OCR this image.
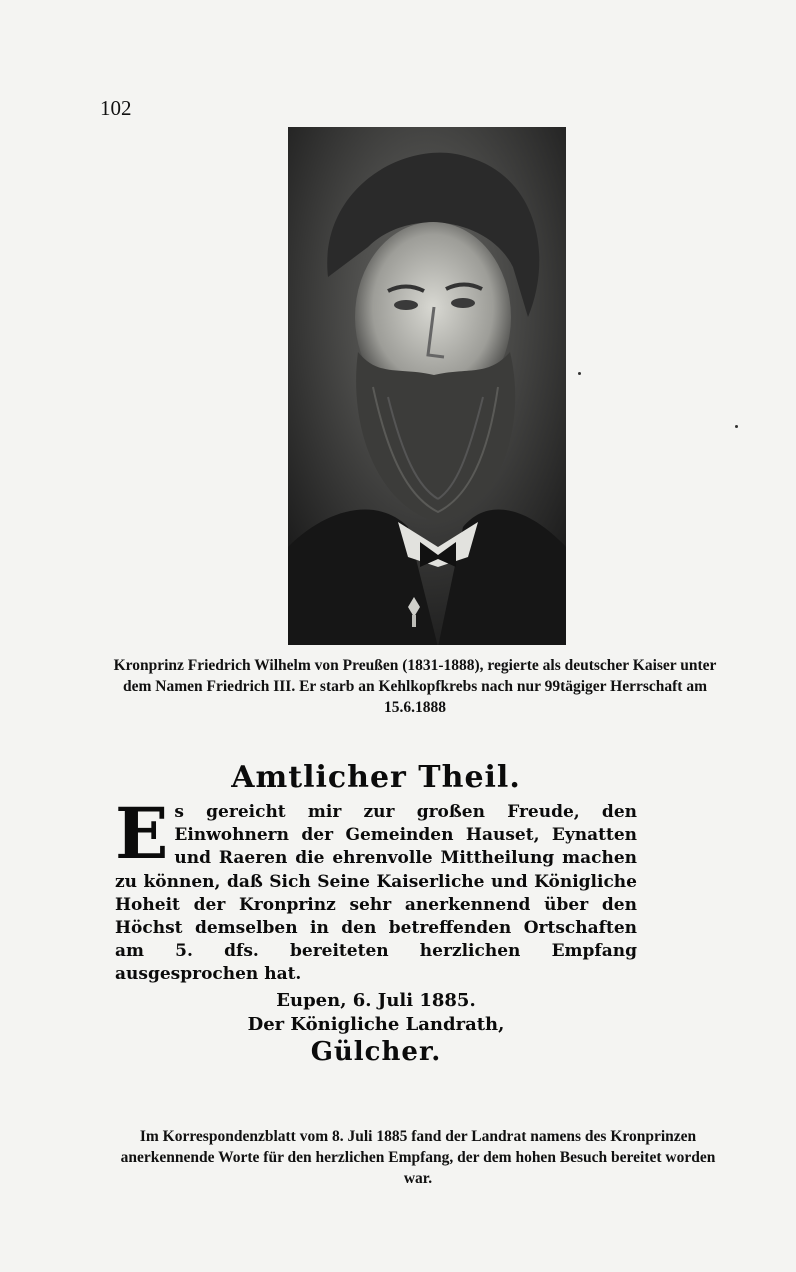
102
Kronprinz Friedrich Wilhelm von Preußen (1831-1888), regierte als deutscher Kaiser unter dem Namen Friedrich III. Er starb an Kehlkopfkrebs nach nur 99tägiger Herrschaft am 15.6.1888
Amtlicher Theil.
Es gereicht mir zur großen Freude, den Einwohnern der Gemeinden Hauset, Eynatten und Raeren die ehrenvolle Mittheilung machen zu können, daß Sich Seine Kaiserliche und Königliche Hoheit der Kronprinz sehr anerkennend über den Höchst demselben in den betreffenden Ortschaften am 5. dfs. bereiteten herzlichen Empfang ausgesprochen hat.
Eupen, 6. Juli 1885.
Der Königliche Landrath,
Gülcher.
Im Korrespondenzblatt vom 8. Juli 1885 fand der Landrat namens des Kronprinzen anerkennende Worte für den herzlichen Empfang, der dem hohen Besuch bereitet worden war.
